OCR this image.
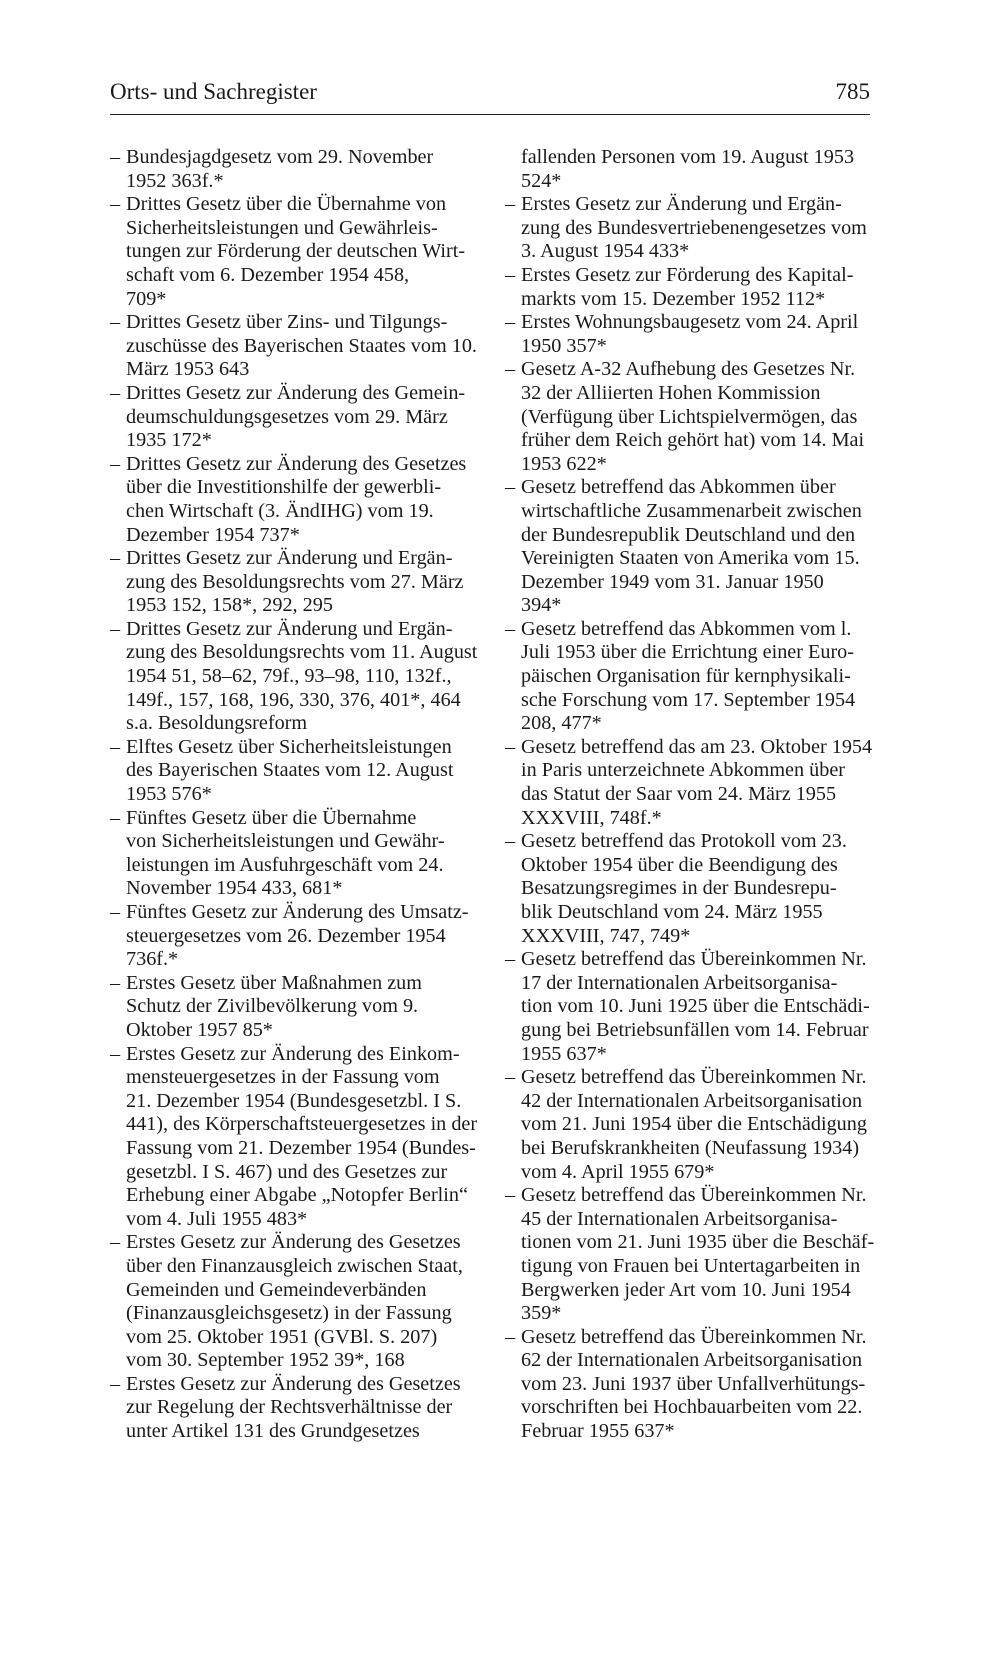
Orts- und Sachregister	785
– Bundesjagdgesetz vom 29. November
1952 363f.*
– Drittes Gesetz über die Übernahme von
Sicherheitsleistungen und Gewährleis-
tungen zur Förderung der deutschen Wirt-
schaft vom 6. Dezember 1954 458,
709*
– Drittes Gesetz über Zins- und Tilgungs-
zuschüsse des Bayerischen Staates vom 10.
März 1953 643
– Drittes Gesetz zur Änderung des Gemein-
deumschuldungsgesetzes vom 29. März
1935 172*
– Drittes Gesetz zur Änderung des Gesetzes
über die Investitionshilfe der gewerbli-
chen Wirtschaft (3. ÄndIHG) vom 19.
Dezember 1954 737*
– Drittes Gesetz zur Änderung und Ergän-
zung des Besoldungsrechts vom 27. März
1953 152, 158*, 292, 295
– Drittes Gesetz zur Änderung und Ergän-
zung des Besoldungsrechts vom 11. August
1954 51, 58–62, 79f., 93–98, 110, 132f.,
149f., 157, 168, 196, 330, 376, 401*, 464
s.a. Besoldungsreform
– Elftes Gesetz über Sicherheitsleistungen
des Bayerischen Staates vom 12. August
1953 576*
– Fünftes Gesetz über die Übernahme
von Sicherheitsleistungen und Gewähr-
leistungen im Ausfuhrgeschäft vom 24.
November 1954 433, 681*
– Fünftes Gesetz zur Änderung des Umsatz-
steuergesetzes vom 26. Dezember 1954
736f.*
– Erstes Gesetz über Maßnahmen zum
Schutz der Zivilbevölkerung vom 9.
Oktober 1957 85*
– Erstes Gesetz zur Änderung des Einkom-
mensteuergesetzes in der Fassung vom
21. Dezember 1954 (Bundesgesetzbl. I S.
441), des Körperschaftsteuergesetzes in der
Fassung vom 21. Dezember 1954 (Bundes-
gesetzbl. I S. 467) und des Gesetzes zur
Erhebung einer Abgabe „Notopfer Berlin“
vom 4. Juli 1955 483*
– Erstes Gesetz zur Änderung des Gesetzes
über den Finanzausgleich zwischen Staat,
Gemeinden und Gemeindeverbänden
(Finanzausgleichsgesetz) in der Fassung
vom 25. Oktober 1951 (GVBl. S. 207)
vom 30. September 1952 39*, 168
– Erstes Gesetz zur Änderung des Gesetzes
zur Regelung der Rechtsverhältnisse der
unter Artikel 131 des Grundgesetzes
fallenden Personen vom 19. August 1953
524*
– Erstes Gesetz zur Änderung und Ergän-
zung des Bundesvertriebenengesetzes vom
3. August 1954 433*
– Erstes Gesetz zur Förderung des Kapital-
markts vom 15. Dezember 1952 112*
– Erstes Wohnungsbaugesetz vom 24. April
1950 357*
– Gesetz A-32 Aufhebung des Gesetzes Nr.
32 der Alliierten Hohen Kommission
(Verfügung über Lichtspielvermögen, das
früher dem Reich gehört hat) vom 14. Mai
1953 622*
– Gesetz betreffend das Abkommen über
wirtschaftliche Zusammenarbeit zwischen
der Bundesrepublik Deutschland und den
Vereinigten Staaten von Amerika vom 15.
Dezember 1949 vom 31. Januar 1950
394*
– Gesetz betreffend das Abkommen vom l.
Juli 1953 über die Errichtung einer Euro-
päischen Organisation für kernphysikali-
sche Forschung vom 17. September 1954
208, 477*
– Gesetz betreffend das am 23. Oktober 1954
in Paris unterzeichnete Abkommen über
das Statut der Saar vom 24. März 1955
XXXVIII, 748f.*
– Gesetz betreffend das Protokoll vom 23.
Oktober 1954 über die Beendigung des
Besatzungsregimes in der Bundesrepu-
blik Deutschland vom 24. März 1955
XXXVIII, 747, 749*
– Gesetz betreffend das Übereinkommen Nr.
17 der Internationalen Arbeitsorganisa-
tion vom 10. Juni 1925 über die Entschädi-
gung bei Betriebsunfällen vom 14. Februar
1955 637*
– Gesetz betreffend das Übereinkommen Nr.
42 der Internationalen Arbeitsorganisation
vom 21. Juni 1954 über die Entschädigung
bei Berufskrankheiten (Neufassung 1934)
vom 4. April 1955 679*
– Gesetz betreffend das Übereinkommen Nr.
45 der Internationalen Arbeitsorganisa-
tionen vom 21. Juni 1935 über die Beschäf-
tigung von Frauen bei Untertagarbeiten in
Bergwerken jeder Art vom 10. Juni 1954
359*
– Gesetz betreffend das Übereinkommen Nr.
62 der Internationalen Arbeitsorganisation
vom 23. Juni 1937 über Unfallverhütungs-
vorschriften bei Hochbauarbeiten vom 22.
Februar 1955 637*
